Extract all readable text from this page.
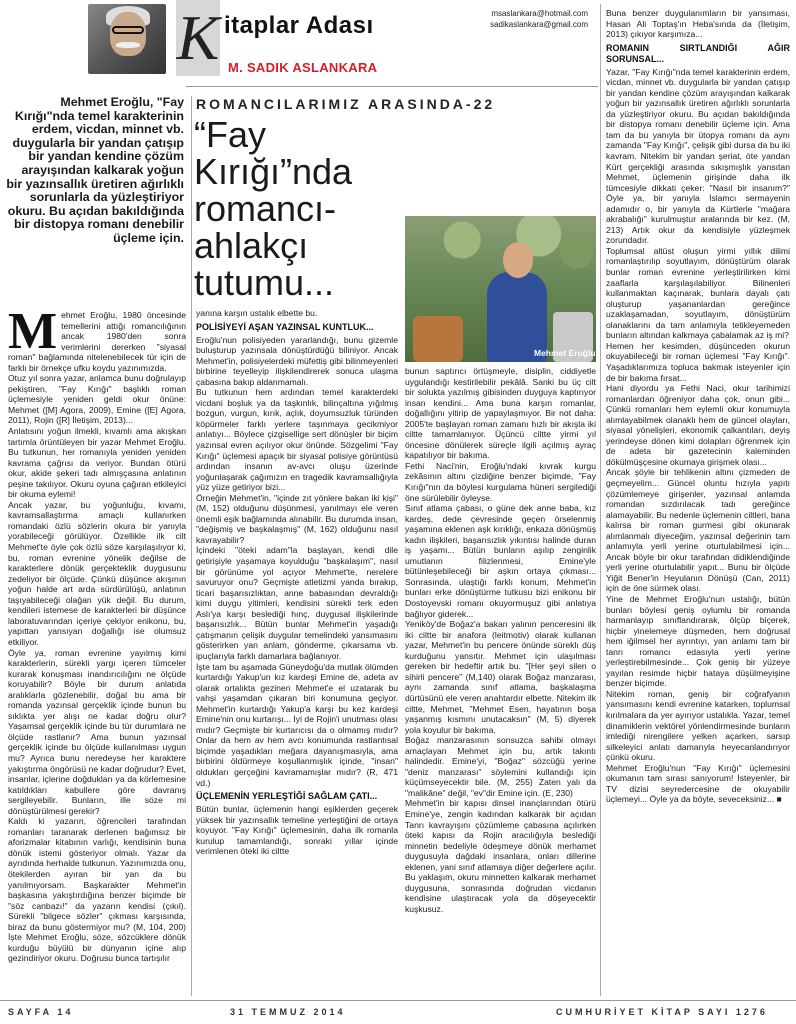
K itaplar Adası
M. SADIK ASLANKARA
msaslankara@hotmail.com
sadikaslankara@gmail.com
Mehmet Eroğlu, "Fay Kırığı"nda temel karakterinin erdem, vicdan, minnet vb. duygularla bir yandan çatışıp bir yandan kendine çözüm arayışından kalkarak yoğun bir yazınsallık üretiren ağırlıklı sorunlarla da yüzleştiriyor okuru. Bu açıdan bakıldığında bir distopya romanı denebilir üçleme için.
ROMANCILARIMIZ ARASINDA-22
“Fay Kırığı”nda romancı-ahlakçı tutumu...
Mehmet Eroğlu
M ehmet Eroğlu, 1980 öncesinde temellerini attığı romancılığının ancak 1980'den sonra verimlerini dererken "siyasal roman" bağlamında nitelenebilecek tür için de farklı bir örnekçe ufku koydu yazınımızda.

Otuz yıl sonra yazar, anlamca bunu doğrulayıp pekiştiren, "Fay Kırığı" başlıklı roman üçlemesiyle yeniden geldi okur önüne: Mehmet ([M] Agora, 2009), Emine ([E] Agora, 2011), Rojin ([R] İletişim, 2013)...

Anlatısını yoğun ilmekli, kıvamlı ama akışkan tartımla örüntüleyen bir yazar Mehmet Eroğlu. Bu tutkunun, her romanıyla yeniden yeniden kavrama çağrısı da veriyor. Bundan ötürü okur, akide şekeri tadı almışçasına anlatının peşine takılıyor. Okuru oyuna çağıran etkileyici bir okuma eylemi!

Ancak yazar, bu yoğunluğu, kıvamı, kavramsallaştırma amaçlı kullanırken romandaki özlü sözlerin okura bir yanıyla yorabileceği görülüyor. Özellikle ilk cilt Mehmet'te öyle çok özlü söze karşılaşılıyor ki, bu, roman evrenine yönelik değilse de karakterlere dönük gerçekteklik duygusunu zedeliyor bir ölçüde. Çünkü düşünce akışının yoğun halde art arda sürdürülüşü, anlatının taşıyabileceği olağan yük değil. Bu durum, kendileri istemese de karakterleri bir düşünce laboratuvarından içeriye çekiyor enikonu, bu, yapıttan yansıyan doğallığı ise olumsuz etkiliyor.

Öyle ya, roman evrenine yayılmış kimi karakterlerin, sürekli yargı içeren tümceler kurarak konuşması inandırıcılığını ne ölçüde koruyabilir? Böyle bir durum anlatıda aralıklarla gözlenebilir, doğal bu ama bir romanda yazınsal gerçeklik içinde bunun bu sıklıkta yer alışı ne kadar doğru olur? Yaşamsal gerçeklik içinde bu tür durumlara ne ölçüde rastlanır? Ama bunun yazınsal gerçeklik içinde bu ölçüde kullanılması uygun mu? Ayrıca bunu neredeyse her karaktere yakıştırma öngörüsü ne kadar doğrudur? Evet, insanlar, içlerine doğdukları ya da körlemesine katıldıkları kabullere göre davranış sergileyebilir. Bunların, ille söze mi dönüştürülmesi gerekir?

Kaldı ki yazarın, öğrencileri tarafından romanları taranarak derlenen bağımsız bir aforizmalar kitabının varlığı, kendisinin buna dönük istemi gösteriyor olmalı. Yazar da ayrıdında herhalde tutkunun. Yazınımızda onu, ötekilerden ayıran bir yan da bu yanılmıyorsam. Başkarakter Mehmet'in başkasına yakıştırdığına benzer biçimde bir "söz canbazı!" da yazarın kendisi (çıkıl). Sürekli "bilgece sözler" çıkması karşısında, biraz da bunu göstermiyor mu? (M, 104, 200) İşte Mehmet Eroğlu, söze, sözcüklere dönük kurduğu büyülü bir dünyanın içine alıp gezindiriyor okuru. Doğrusu bunca tartışılır

yanına karşın ustalık elbette bu.

POLİSİYEYİ AŞAN YAZINSAL KUNTLUK...

Eroğlu'nun polisiyeden yararlandığı, bunu gizemle buluşturup yazınsala dönüştürdüğü biliniyor. Ancak Mehmet'in, polisiyelerdeki müfettiş gibi bilinmeyenleri birbirine teyelleyip ilişkilendirerek sonuca ulaşma çabasına bakıp aldanmamalı.

Bu tutkunun hem ardından temel karakterdeki vicdani boşluk ya da taşkınlık, bilinçaltına yığılmış bozgun, vurgun, kırık, açlık, doyumsuzluk türünden köpürmeler farklı yerlere taşınmaya gecikmiyor anlatıyı... Böylece çizgisellige sert dönüşler bir biçim yazınsal evren açılıyor okur önünde. Sözgelimi "Fay Kırığı" üçlemesi apaçık bir siyasal polisiye görüntüsü ardından insanın av-avcı oluşu üzerinde yoğunlaşarak çağımızın en tragedik kavramsallığıyla yüz yüze getiriyor bizi...

Örneğin Mehmet'in, "içinde zıt yönlere bakan iki kişi" (M, 152) olduğunu düşünmesi, yanılmayı ele veren önemli eşik bağlamında alınabilir. Bu durumda insan, "değişmiş ve başkalaşmış" (M, 162) olduğunu nasıl kavrayabilir?

İçindeki "öteki adam"la başlayan, kendi dile getirişiyle yaşamaya koyulduğu "başkalaşım", nasıl bir görünüme yol açıyor Mehmet'te, nerelere savuruyor onu? Geçmişte atletizmi yanda bırakıp, ticari başarısızlıktan, anne babasından devraldığı kimi duygu yitimleri, kendisini sürekli terk eden Aslı'ya karşı beslediği hınç, duygusal ilişkilerinde başarısızlık... Bütün bunlar Mehmet'in yaşadığı çatışmanın çelişik duygular temelindeki yansımasını gösterirken yan anlam, gönderme, çıkarsama vb. ipuçlarıyla farklı damarlara bağlanıyor.

İşte tam bu aşamada Güneydoğu'da mutlak ölümden kurtardığı Yakup'un kız kardeşi Emine de, adeta av olarak ortalıkta gezinen Mehmet'e el uzatarak bu vahşi yaşamdan çıkaran biri konumuna geçiyor. Mehmet'in kurtardığı Yakup'a karşı bu kez kardeşi Emine'nin onu kurtarışı... İyi de Rojin'i unutması olası mıdır? Geçmişte bir kurtarıcısı da o olmamış mıdır? Onlar da hem av hem avcı konumunda rastlantısal biçimde yaşadıkları meğara dayanışmasıyla, ama birbirini öldürmeye koşullanmışlık içinde, "insan" oldukları gerçeğini kavramamışlar mıdır? (R, 471 vd.)

ÜÇLEMENİN YERLEŞTİĞİ SAĞLAM ÇATI...

Bütün bunlar, üçlemenin hangi eşiklerden geçerek yüksek bir yazınsallık temeline yerleştiğini de ortaya koyuyor. "Fay Kırığı" üçlemesinin, daha ilk romanla kurulup tamamlandığı, sonraki yıllar içinde verimlenen öteki iki ciltte

bunun saptırıcı örtüşmeyle, disiplin, ciddiyetle uygulandığı kestirilebilir pekâlâ. Sanki bu üç cilt bir solukta yazılmış gibisinden duyguya kaptırıyor insan kendini... Ama buna karşın romanlar, doğallığını yitirip de yapaylaşmıyor. Bir not daha: 2005'te başlayan roman zamanı hızlı bir akışla iki ciltte tamamlanıyor. Üçüncü ciltte yirmi yıl öncesine dönülerek süreçle ilgili açılmış ayraç kapatılıyor bir bakıma.

Fethi Naci'nin, Eroğlu'ndaki kıvrak kurgu zekâsının altını çizdiğine benzer biçimde, "Fay Kırığı"nın da böylesi kurgulama hüneri sergilediği öne sürülebilir öyleyse.

Sınıf atlama çabası, o güne dek anne baba, kız kardeş, dede çevresinde geçen örselenmiş yaşamına eklenen aşk kırıklığı, enkaza dönüşmüş kadın ilişkileri, başarısızlık yıkıntısı halinde duran iş yaşamı... Bütün bunların aşılıp zenginlik umutlanın filizlenmesi, Emine'yle bütünleşebileceği bir aşkın ortaya çıkması... Sonrasında, ulaştığı farklı konum, Mehmet'in bunları erke dönüştürme tutkusu bizi enikonu bir Dostoyevski romanı okuyormuşuz gibi anlatıya bağlıyor giderek...

Yeniköy'de Boğaz'a bakan yalının penceresini ilk iki ciltte bir anafora (leitmotiv) olarak kullanan yazar, Mehmet'in bu pencere önünde süreklı düş kurduğunu yansıtır. Mehmet için ulaşılması gereken bir hedeftir artık bu. "[Her şeyi silen o sihirli pencere" (M,140) olarak Boğaz manzarası, aynı zamanda sınıf atlama, başkalaşma dürtüsünü ele veren anahtardır elbette. Nitekim ilk ciltte, Mehmet, "Mehmet Esen, hayatının boşa yaşanmış kısmını unutacaksın" (M, 5) diyerek yola koyulur bir bakıma.

Boğaz manzarasının sonsuzca sahibi olmayı amaçlayan Mehmet için bu, artık takıntı halindedir. Emine'yi, "Boğaz" sözcüğü yerine "deniz manzarası" söylemini kullandığı için küçümseyecektir bile. (M, 255) Zaten yalı da "malikâne" değil, "ev"dir Emine için. (E, 230)

Mehmet'in bir kapısı dinsel inançlarından ötürü Emine'ye, zengin kadından kalkarak bir açıdan Tanrı kavrayışını çözümleme çabasına açılırken öteki kapısı da Rojin aracılığıyla beslediği minnetin bedeliyle ödeşmeye dönük merhamet duygusuyla dağdaki insanlara, onları dillerine eklenen, yani sınıf atlamaya diğer değerlere açılır. Bu yaklaşım, okuru minnetten kalkarak merhamet duygusuna, sonrasında doğrudan vicdanın kendisine ulaştıracak yola da döşeyecektir kuşkusuz.

Buna benzer duygulanımların bir yansıması, Hasan Ali Toptaş'ın Heba'sında da (İletişim, 2013) çıkıyor karşımıza...

ROMANIN SIRTLANDIĞI AĞIR SORUNSAL...

Yazar, "Fay Kırığı"nda temel karakterinin erdem, vicdan, minnet vb. duygularla bir yandan çatışıp bir yandan kendine çözüm arayışından kalkarak yoğun bir yazınsallık üretiren ağırlıklı sorunlarla da yüzleştiriyor okuru. Bu açıdan bakıldığında bir distopya romanı denebilir üçleme için. Ama tam da bu yanıyla bir ütopya romanı da aynı zamanda "Fay Kırığı", çelişik gibi dursa da bu iki kavram. Nitekim bir yandan şeriat, öte yandan Kürt gerçekliği arasında sıkışmışlık yansıtan Mehmet, üçlemenin girişinde daha ilk tümcesiyle dikkati çeker: "Nasıl bir insanım?" Öyle ya, bir yanıyla İslamcı sermayenin adamıdır o, bir yanıyla da Kürtlerle "mağara akrabalığı" kurulmuştur aralarında bir kez. (M, 213) Artık okur da kendisiyle yüzleşmek zorundadır.

Toplumsal altüst oluşun yirmi yıllık dilimi romanlaştırılıp soyutlayım, dönüştürüm olarak bunlar roman evrenine yerleştirilirken kimi zaaflarla karşılaşılabiliyor. Bilinenleri kullanmaktan kaçınarak, bunlara dayalı çatı oluşturup yaşananlardan gereğince uzaklaşamadan, soyutlayım, dönüştürüm olanaklarını da tam anlamıyla tetikleyemeden bunların altından kalkmaya çabalamak az iş mi?

Hemen her kesimden, düşünceden okurun okuyabileceği bir roman üçlemesi "Fay Kırığı". Yaşadıklarımıza topluca bakmak isteyenler için de bir bakıma fırsat...

Hani diyordu ya Fethi Naci, okur tarihimizi romanlardan öğreniyor daha çok, onun gibi... Çünkü romanları hem eylemli okur konumuyla alımlayabilmek olanaklı hem de güncel olayları, siyasal yönelişleri, ekonomik çalkantıları, deyiş yerindeyse dönen kimi dolapları öğrenmek için de adeta bir gazetecinin kaleminden dökülmüşçesine okumaya girişmek olası...

Ancak şöyle bir tehlikenin altını çizmeden de geçmeyelim... Güncel oluntu hızıyla yapıtı çözümlemeye girişenler, yazınsal anlamda romandan sızdırılacak tadı gereğince alamayabilir. Bu nedenle üçlemenin ciltleri, bana kalırsa bir roman gurmesi gibi okunarak alımlanmalı diyeceğim, yazınsal değerinin tam anlamıyla yerli yerine oturtulabilmesi için... Ancak böyle bir okur tarafından didiklendiğinde yerli yerine oturtulabilir yapıt... Bunu bir ölçüde Yiğit Bener'in Heyulanın Dönüşü (Can, 2011) için de öne sürmek olası.

Yine de Mehmet Eroğlu'nun ustalığı, bütün bunları böylesi geniş oylumlu bir romanda harmanlayıp sınıflandırarak, ölçüp biçerek, hiçbir yinelemeye düşmeden, hem doğrusal hem iğilmsel her ayrıntıyı, yan anlamı tam bir tanrı romancı edasıyla yerli yerine yerleştirebilmesinde... Çok geniş bir yüzeye yayılan resimde hiçbir hataya düşülmeyişine benzer biçimde.

Nitekim roman, geniş bir coğrafyanın yansımasını kendi evrenine katarken, toplumsal kırılmalara da yer ayırıyor ustalıkla. Yazar, temel dinamiklerin vektörel yönlendirmesinde bunların imlediği nirengilere yelken açarken, sarsıp silkeleyici anlatı damarıyla heyecanlandırıyor çünkü okuru.

Mehmet Eroğlu'nun "Fay Kırığı" üçlemesini okumanın tam sırası sanıyorum! İsteyenler, bir TV dizisi seyredercesine de okuyabilir üçlemeyi... Öyle ya da böyle, seveceksiniz... ■

SAYFA 14	31 TEMMUZ 2014	CUMHURİYET KİTAP SAYI 1276
